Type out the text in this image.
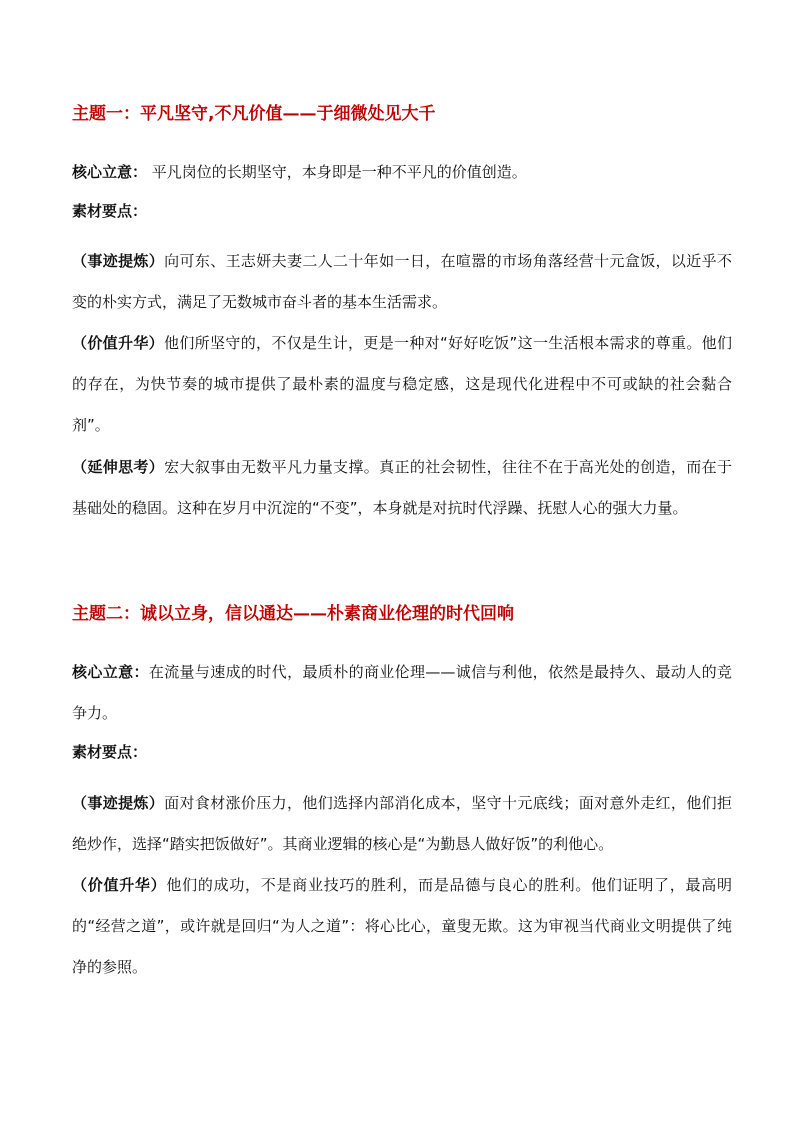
主题一：平凡坚守,不凡价值——于细微处见大千
核心立意： 平凡岗位的长期坚守，本身即是一种不平凡的价值创造。
素材要点：

（事迹提炼）向可东、王志妍夫妻二人二十年如一日，在喧嚣的市场角落经营十元盒饭，以近乎不变的朴实方式，满足了无数城市奋斗者的基本生活需求。

（价值升华）他们所坚守的，不仅是生计，更是一种对“好好吃饭”这一生活根本需求的尊重。他们的存在，为快节奏的城市提供了最朴素的温度与稳定感，这是现代化进程中不可或缺的社会黏合剂”。

（延伸思考）宏大叙事由无数平凡力量支撑。真正的社会韧性，往往不在于高光处的创造，而在于基础处的稳固。这种在岁月中沉淀的“不变”，本身就是对抗时代浮躁、抚慰人心的强大力量。

主题二：诚以立身，信以通达——朴素商业伦理的时代回响

核心立意：在流量与速成的时代，最质朴的商业伦理——诚信与利他，依然是最持久、最动人的竞争力。

素材要点：

（事迹提炼）面对食材涨价压力，他们选择内部消化成本，坚守十元底线；面对意外走红，他们拒绝炒作，选择“踏实把饭做好”。其商业逻辑的核心是“为勤恳人做好饭”的利他心。

（价值升华）他们的成功，不是商业技巧的胜利，而是品德与良心的胜利。他们证明了，最高明的“经营之道”，或许就是回归“为人之道”：将心比心，童叟无欺。这为审视当代商业文明提供了纯净的参照。
